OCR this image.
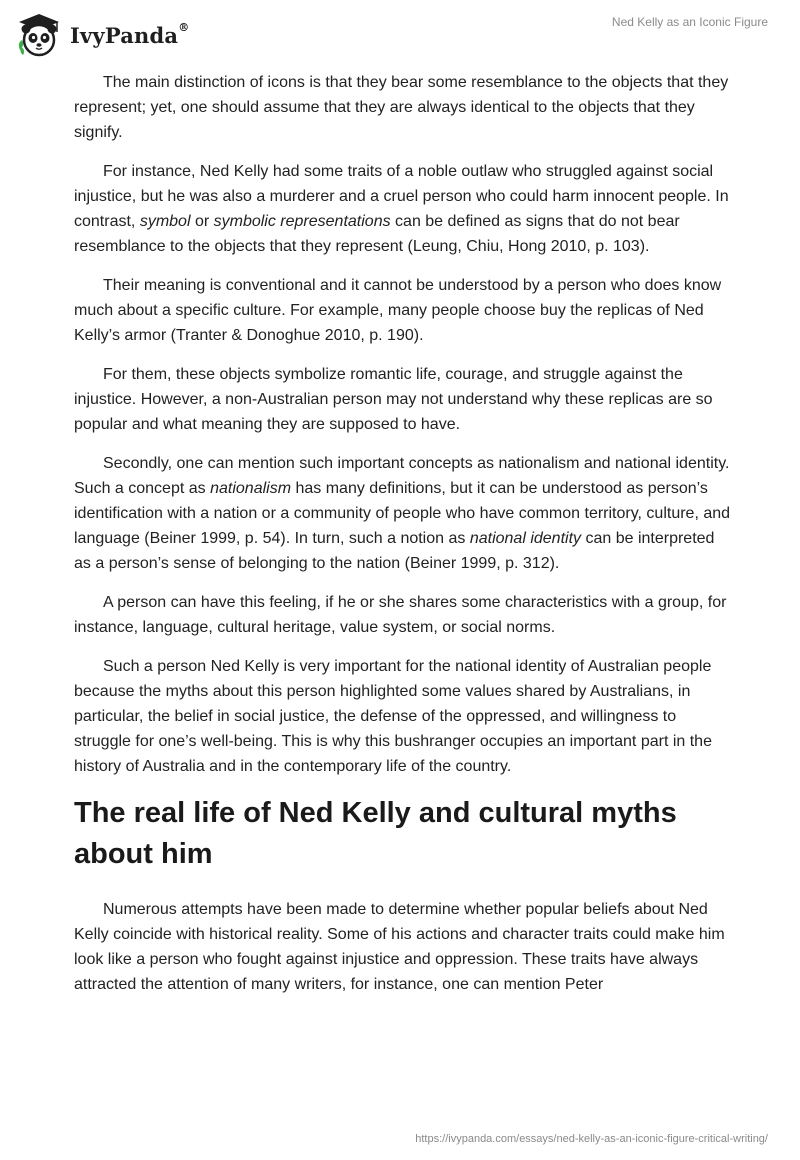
IvyPanda®	Ned Kelly as an Iconic Figure

The main distinction of icons is that they bear some resemblance to the objects that they represent; yet, one should assume that they are always identical to the objects that they signify.

For instance, Ned Kelly had some traits of a noble outlaw who struggled against social injustice, but he was also a murderer and a cruel person who could harm innocent people. In contrast, symbol or symbolic representations can be defined as signs that do not bear resemblance to the objects that they represent (Leung, Chiu, Hong 2010, p. 103).

Their meaning is conventional and it cannot be understood by a person who does know much about a specific culture. For example, many people choose buy the replicas of Ned Kelly’s armor (Tranter & Donoghue 2010, p. 190).

For them, these objects symbolize romantic life, courage, and struggle against the injustice. However, a non-Australian person may not understand why these replicas are so popular and what meaning they are supposed to have.

Secondly, one can mention such important concepts as nationalism and national identity. Such a concept as nationalism has many definitions, but it can be understood as person’s identification with a nation or a community of people who have common territory, culture, and language (Beiner 1999, p. 54). In turn, such a notion as national identity can be interpreted as a person’s sense of belonging to the nation (Beiner 1999, p. 312).

A person can have this feeling, if he or she shares some characteristics with a group, for instance, language, cultural heritage, value system, or social norms.

Such a person Ned Kelly is very important for the national identity of Australian people because the myths about this person highlighted some values shared by Australians, in particular, the belief in social justice, the defense of the oppressed, and willingness to struggle for one’s well-being. This is why this bushranger occupies an important part in the history of Australia and in the contemporary life of the country.

The real life of Ned Kelly and cultural myths about him

Numerous attempts have been made to determine whether popular beliefs about Ned Kelly coincide with historical reality. Some of his actions and character traits could make him look like a person who fought against injustice and oppression. These traits have always attracted the attention of many writers, for instance, one can mention Peter

https://ivypanda.com/essays/ned-kelly-as-an-iconic-figure-critical-writing/
